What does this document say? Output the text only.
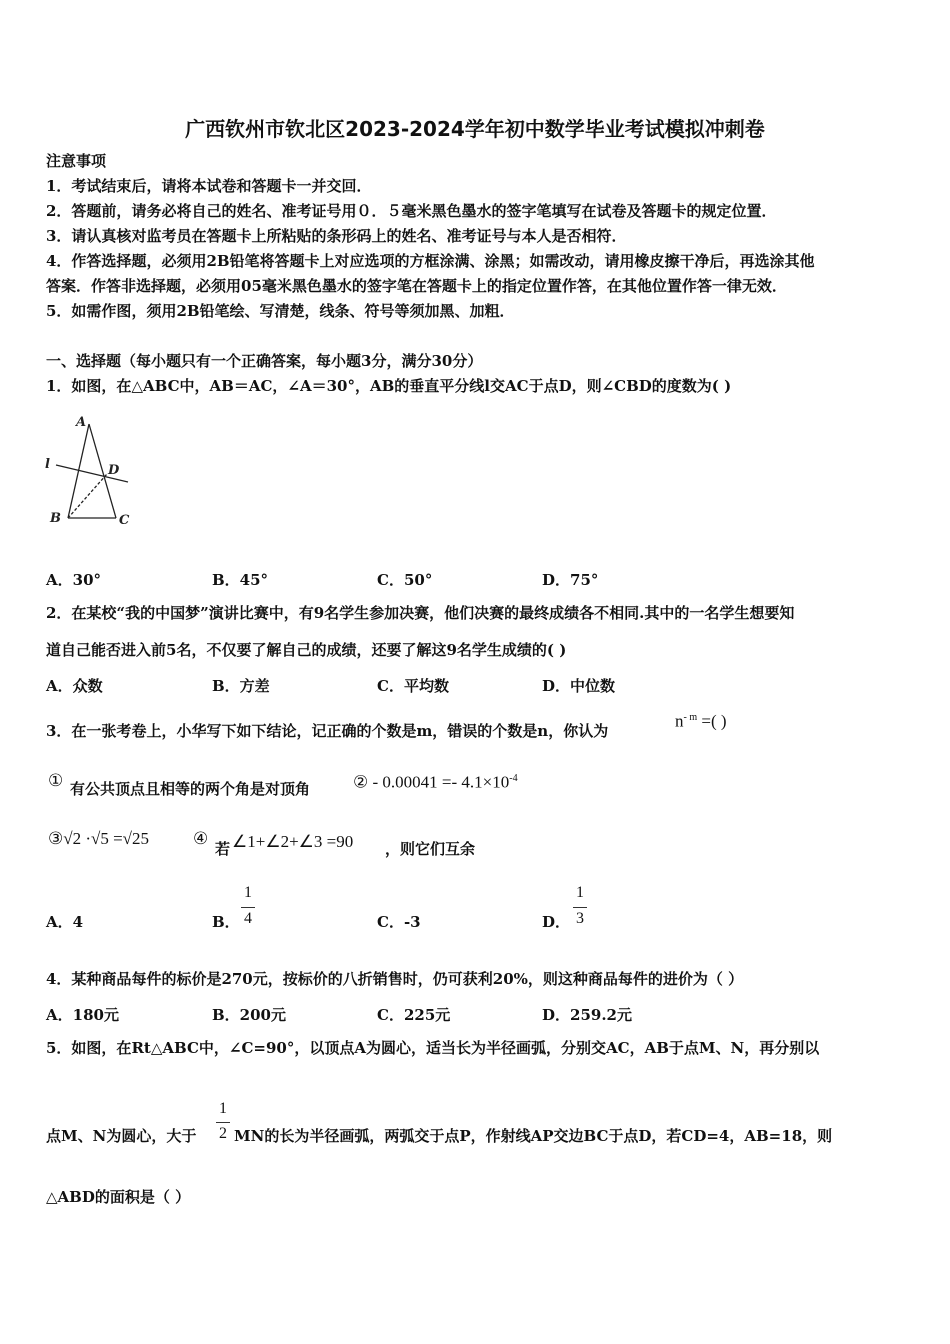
广西钦州市钦北区2023-2024学年初中数学毕业考试模拟冲刺卷
注意事项
1．考试结束后，请将本试卷和答题卡一并交回．
2．答题前，请务必将自己的姓名、准考证号用０．５毫米黑色墨水的签字笔填写在试卷及答题卡的规定位置．
3．请认真核对监考员在答题卡上所粘贴的条形码上的姓名、准考证号与本人是否相符．
4．作答选择题，必须用2B铅笔将答题卡上对应选项的方框涂满、涂黑；如需改动，请用橡皮擦干净后，再选涂其他
答案．作答非选择题，必须用05毫米黑色墨水的签字笔在答题卡上的指定位置作答，在其他位置作答一律无效．
5．如需作图，须用2B铅笔绘、写清楚，线条、符号等须加黑、加粗．
一、选择题（每小题只有一个正确答案，每小题3分，满分30分）
1．如图，在△ABC中，AB＝AC，∠A＝30°，AB的垂直平分线l交AC于点D，则∠CBD的度数为( )
A
l	D
B	C
A．30°	B．45°	C．50°	D．75°
2．在某校“我的中国梦”演讲比赛中，有9名学生参加决赛，他们决赛的最终成绩各不相同.其中的一名学生想要知
道自己能否进入前5名，不仅要了解自己的成绩，还要了解这9名学生成绩的( )
A．众数	B．方差	C．平均数	D．中位数
3．在一张考卷上，小华写下如下结论，记正确的个数是m，错误的个数是n，你认为
$n^{- m}$ =( )
① 有公共顶点且相等的两个角是对顶角	② - $0.00041 =- 4.1\times 10^{-4}$
③√2 ·√5 =√25	④
若 ∠1+∠2+∠3 =90 ，则它们互余
A．4	B．
1
4	C．-3	D．
1
3
4．某种商品每件的标价是270元，按标价的八折销售时，仍可获利20%，则这种商品每件的进价为（ ）
A．180元	B．200元	C．225元	D．259.2元
5．如图，在Rt△ABC中，∠C=90°，以顶点A为圆心，适当长为半径画弧，分别交AC，AB于点M、N，再分别以
点M、N为圆心，大于
1
2 MN的长为半径画弧，两弧交于点P，作射线AP交边BC于点D，若CD=4，AB=18，则
△ABD的面积是（ ）
